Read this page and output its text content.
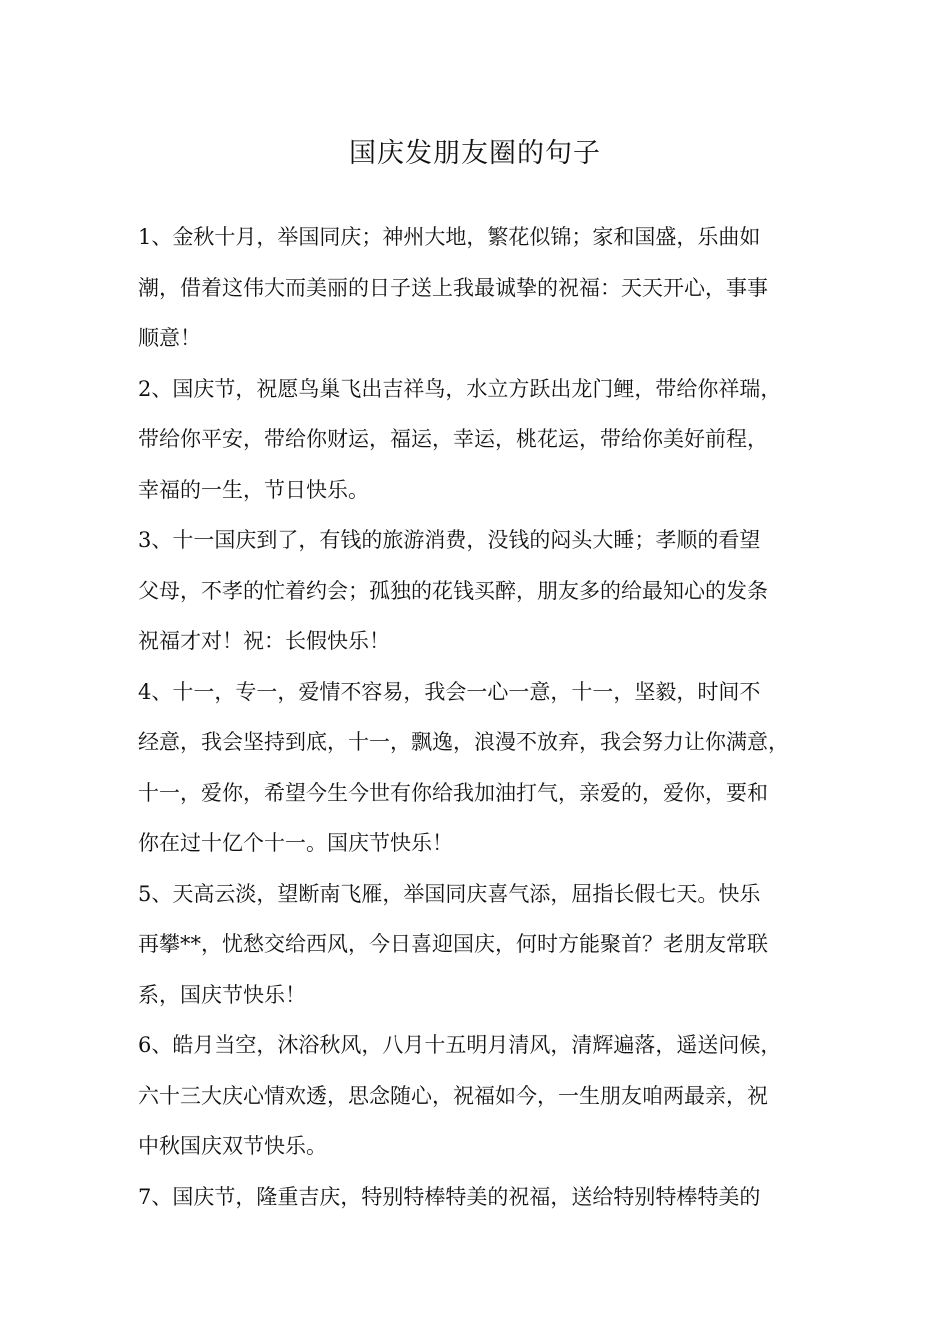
国庆发朋友圈的句子
1、金秋十月，举国同庆；神州大地，繁花似锦；家和国盛，乐曲如
潮，借着这伟大而美丽的日子送上我最诚挚的祝福：天天开心，事事
顺意！
2、国庆节，祝愿鸟巢飞出吉祥鸟，水立方跃出龙门鲤，带给你祥瑞，
带给你平安，带给你财运，福运，幸运，桃花运，带给你美好前程，
幸福的一生，节日快乐。
3、十一国庆到了，有钱的旅游消费，没钱的闷头大睡；孝顺的看望
父母，不孝的忙着约会；孤独的花钱买醉，朋友多的给最知心的发条
祝福才对！祝：长假快乐！
4、十一，专一，爱情不容易，我会一心一意，十一，坚毅，时间不
经意，我会坚持到底，十一，飘逸，浪漫不放弃，我会努力让你满意，
十一，爱你，希望今生今世有你给我加油打气，亲爱的，爱你，要和
你在过十亿个十一。国庆节快乐！
5、天高云淡，望断南飞雁，举国同庆喜气添，屈指长假七天。快乐
再攀**，忧愁交给西风，今日喜迎国庆，何时方能聚首？老朋友常联
系，国庆节快乐！
6、皓月当空，沐浴秋风，八月十五明月清风，清辉遍落，遥送问候，
六十三大庆心情欢透，思念随心，祝福如今，一生朋友咱两最亲，祝
中秋国庆双节快乐。
7、国庆节，隆重吉庆，特别特棒特美的祝福，送给特别特棒特美的
